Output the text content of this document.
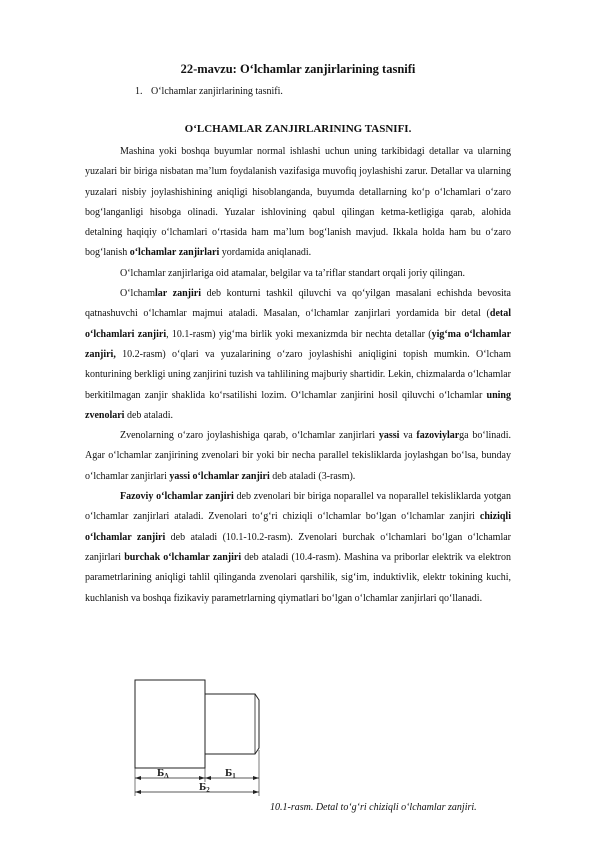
22-mavzu: Oʻlchamlar zanjirlarining tasnifi
1. Oʻlchamlar zanjirlarining tasnifi.
OʻLCHAMLAR ZANJIRLARINING TASNIFI.

Mashina yoki boshqa buyumlar normal ishlashi uchun uning tarkibidagi detallar va ularning yuzalari bir biriga nisbatan maʼlum foydalanish vazifasiga muvofiq joylashishi zarur. Detallar va ularning yuzalari nisbiy joylashishining aniqligi hisoblanganda, buyumda detallarning koʻp oʻlchamlari oʻzaro bogʻlanganligi hisobga olinadi. Yuzalar ishlovining qabul qilingan ketma-ketligiga qarab, alohida detalning haqiqiy oʻlchamlari oʻrtasida ham maʼlum bogʻlanish mavjud. Ikkala holda ham bu oʻzaro bogʻlanish oʻlchamlar zanjirlari yordamida aniqlanadi.

Oʻlchamlar zanjirlariga oid atamalar, belgilar va taʼriflar standart orqali joriy qilingan.

Oʻlchamlar zanjiri deb konturni tashkil qiluvchi va qoʻyilgan masalani echishda bevosita qatnashuvchi oʻlchamlar majmui ataladi. Masalan, oʻlchamlar zanjirlari yordamida bir detal (detal oʻlchamlari zanjiri, 10.1-rasm) yigʻma birlik yoki mexanizmda bir nechta detallar (yigʻma oʻlchamlar zanjiri, 10.2-rasm) oʻqlari va yuzalarining oʻzaro joylashishi aniqligini topish mumkin. Oʻlcham konturining berkligi uning zanjirini tuzish va tahlilining majburiy shartidir. Lekin, chizmalarda oʻlchamlar berkitilmagan zanjir shaklida koʻrsatilishi lozim. Oʻlchamlar zanjirini hosil qiluvchi oʻlchamlar uning zvenolari deb ataladi.

Zvenolarning oʻzaro joylashishiga qarab, oʻlchamlar zanjirlari yassi va fazoviylarga boʻlinadi. Agar oʻlchamlar zanjirining zvenolari bir yoki bir necha parallel tekisliklarda joylashgan boʻlsa, bunday oʻlchamlar zanjirlari yassi oʻlchamlar zanjiri deb ataladi (3-rasm).

Fazoviy oʻlchamlar zanjiri deb zvenolari bir biriga noparallel va noparallel tekisliklarda yotgan oʻlchamlar zanjirlari ataladi. Zvenolari toʻgʻri chiziqli oʻlchamlar boʻlgan oʻlchamlar zanjiri chiziqli oʻlchamlar zanjiri deb ataladi (10.1-10.2-rasm). Zvenolari burchak oʻlchamlari boʻlgan oʻlchamlar zanjirlari burchak oʻlchamlar zanjiri deb ataladi (10.4-rasm). Mashina va priborlar elektrik va elektron parametrlarining aniqligi tahlil qilinganda zvenolari qarshilik, sigʻim, induktivlik, elektr tokining kuchi, kuchlanish va boshqa fizikaviy parametrlarning qiymatlari boʻlgan oʻlchamlar zanjirlari qoʻllanadi.

БΔ	Б1
Б2
10.1-rasm. Detal toʻgʻri chiziqli oʻlchamlar zanjiri.
